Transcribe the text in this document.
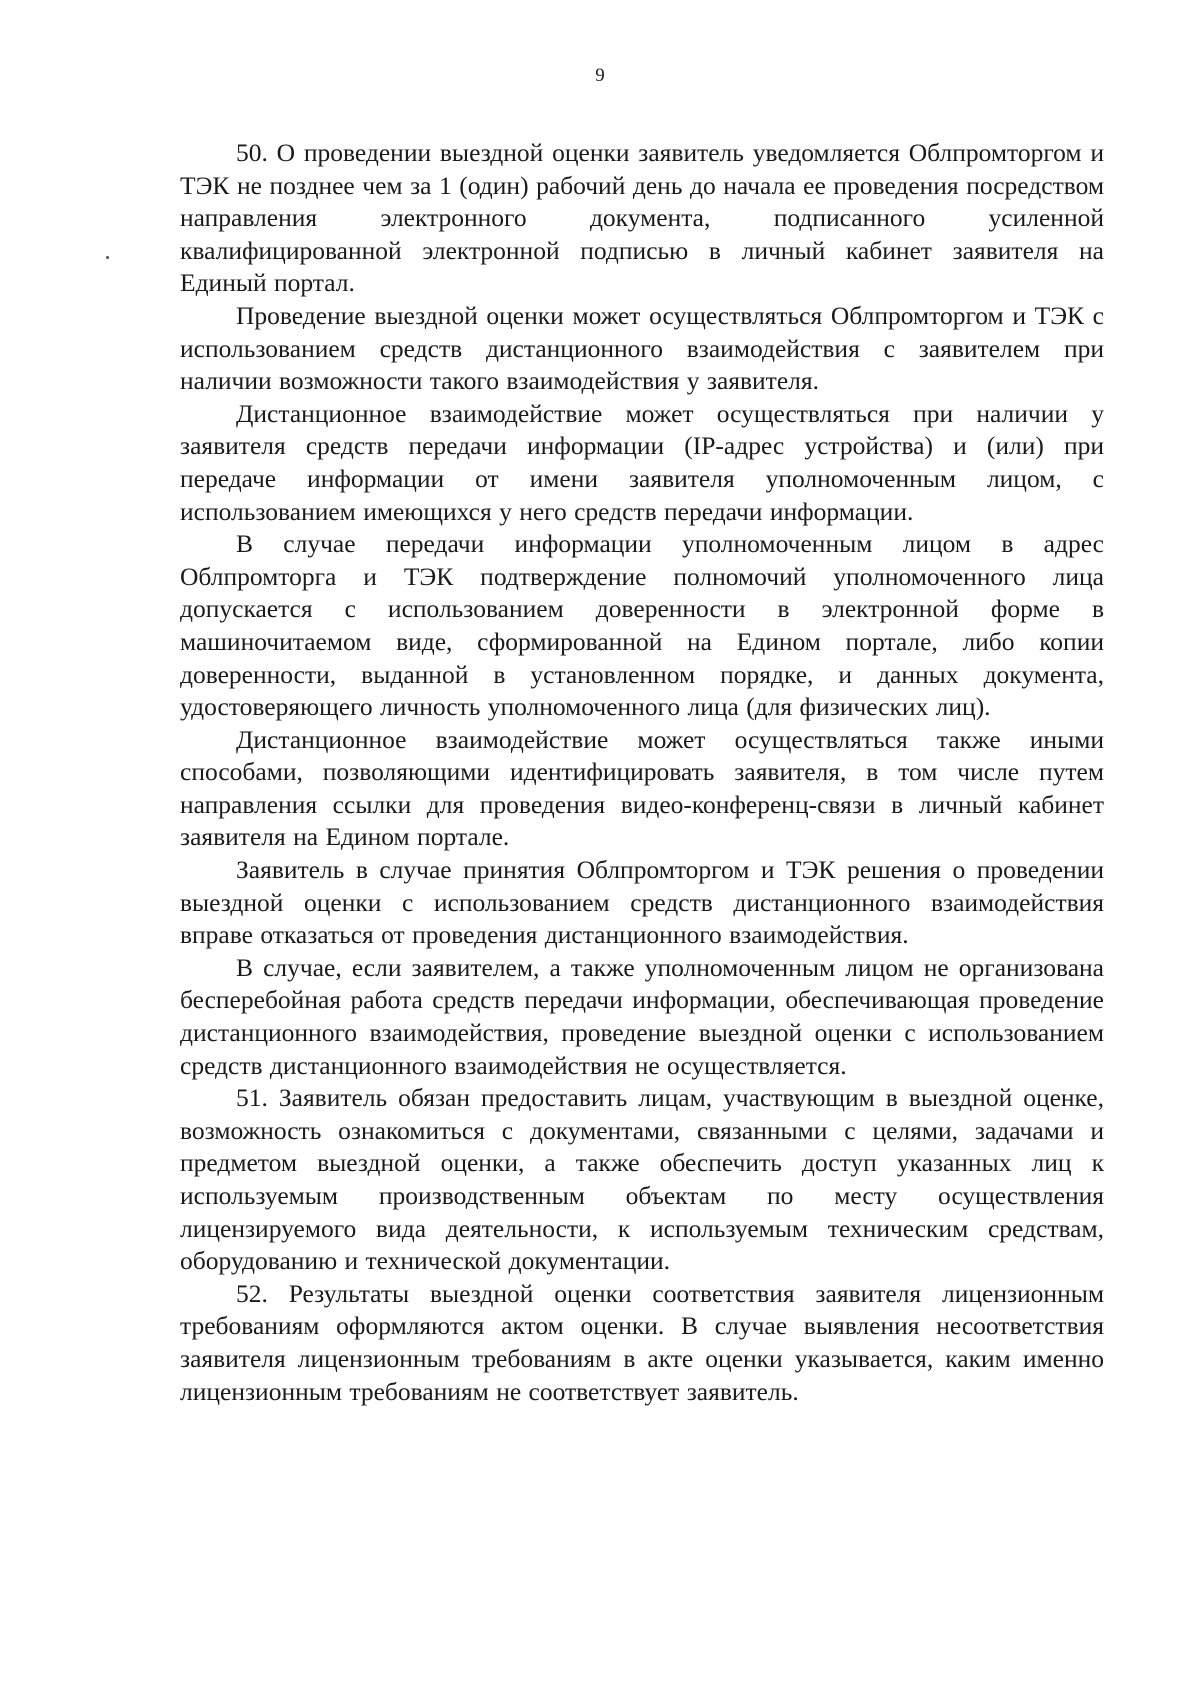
9

50. О проведении выездной оценки заявитель уведомляется Облпромторгом и ТЭК не позднее чем за 1 (один) рабочий день до начала ее проведения посредством направления электронного документа, подписанного усиленной квалифицированной электронной подписью в личный кабинет заявителя на Единый портал.

Проведение выездной оценки может осуществляться Облпромторгом и ТЭК с использованием средств дистанционного взаимодействия с заявителем при наличии возможности такого взаимодействия у заявителя.

Дистанционное взаимодействие может осуществляться при наличии у заявителя средств передачи информации (IP-адрес устройства) и (или) при передаче информации от имени заявителя уполномоченным лицом, с использованием имеющихся у него средств передачи информации.

В случае передачи информации уполномоченным лицом в адрес Облпромторга и ТЭК подтверждение полномочий уполномоченного лица допускается с использованием доверенности в электронной форме в машиночитаемом виде, сформированной на Едином портале, либо копии доверенности, выданной в установленном порядке, и данных документа, удостоверяющего личность уполномоченного лица (для физических лиц).

Дистанционное взаимодействие может осуществляться также иными способами, позволяющими идентифицировать заявителя, в том числе путем направления ссылки для проведения видео-конференц-связи в личный кабинет заявителя на Едином портале.

Заявитель в случае принятия Облпромторгом и ТЭК решения о проведении выездной оценки с использованием средств дистанционного взаимодействия вправе отказаться от проведения дистанционного взаимодействия.

В случае, если заявителем, а также уполномоченным лицом не организована бесперебойная работа средств передачи информации, обеспечивающая проведение дистанционного взаимодействия, проведение выездной оценки с использованием средств дистанционного взаимодействия не осуществляется.

51. Заявитель обязан предоставить лицам, участвующим в выездной оценке, возможность ознакомиться с документами, связанными с целями, задачами и предметом выездной оценки, а также обеспечить доступ указанных лиц к используемым производственным объектам по месту осуществления лицензируемого вида деятельности, к используемым техническим средствам, оборудованию и технической документации.

52. Результаты выездной оценки соответствия заявителя лицензионным требованиям оформляются актом оценки. В случае выявления несоответствия заявителя лицензионным требованиям в акте оценки указывается, каким именно лицензионным требованиям не соответствует заявитель.
